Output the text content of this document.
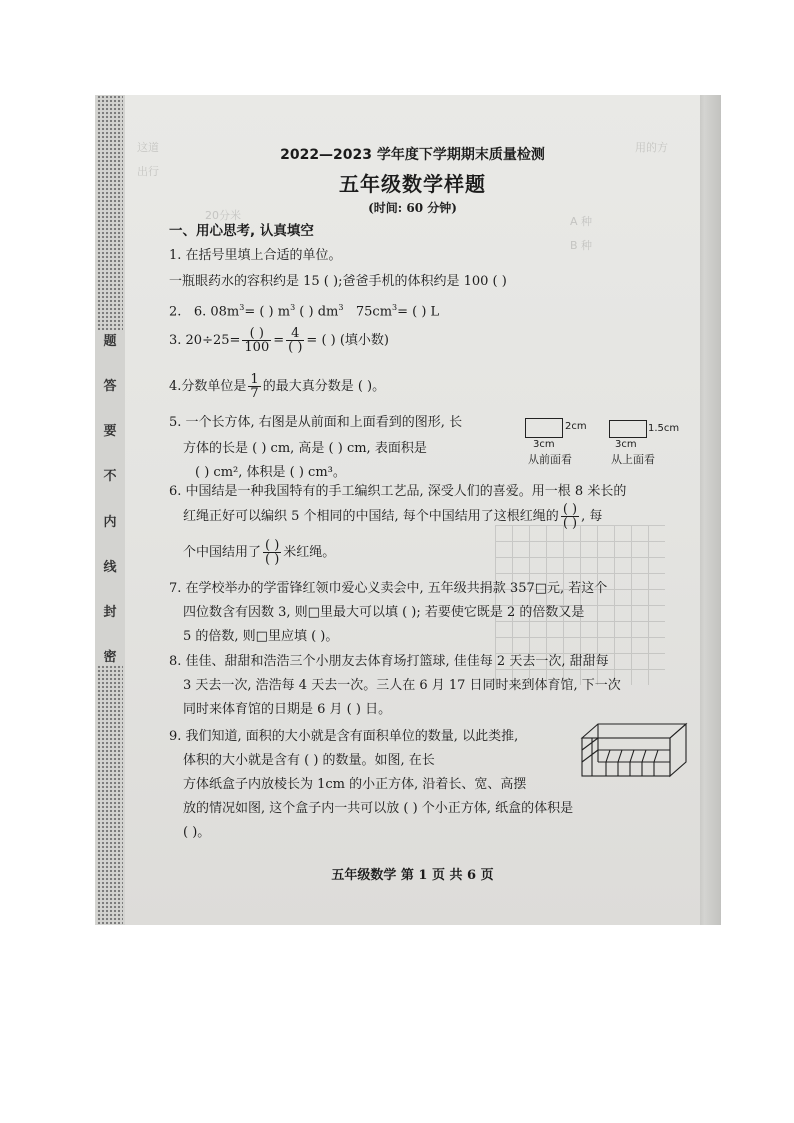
题
答
要
不
内
线
封
密
这道
出行
用的方
A 种
B 种
20分米
2022—2023 学年度下学期期末质量检测
五年级数学样题
(时间: 60 分钟)
一、用心思考, 认真填空
1. 在括号里填上合适的单位。
一瓶眼药水的容积约是 15 ( );爸爸手机的体积约是 100 ( )
2. 6. $08m^3=$ ( ) $m^3$ ( ) $dm^3$ $75cm^3=$ ( ) L
3. $20\div 25= \frac{( )}{100} = \frac{4}{( )}$ = ( ) (填小数)
4.分数单位是 $\frac{1}{7}$ 的最大真分数是 ( )。
5. 一个长方体, 右图是从前面和上面看到的图形, 长
方体的长是 ( ) cm, 高是 ( ) cm, 表面积是
( ) cm², 体积是 ( ) cm³。
2cm
3cm
从前面看
1.5cm
3cm
从上面看
6. 中国结是一种我国特有的手工编织工艺品, 深受人们的喜爱。用一根 8 米长的
红绳正好可以编织 5 个相同的中国结, 每个中国结用了这根红绳的 $\frac{( )}{( )}$ , 每
个中国结用了 $\frac{( )}{( )}$ 米红绳。
7. 在学校举办的学雷锋红领巾爱心义卖会中, 五年级共捐款 357□元, 若这个
四位数含有因数 3, 则□里最大可以填 ( ); 若要使它既是 2 的倍数又是
5 的倍数, 则□里应填 ( )。
8. 佳佳、甜甜和浩浩三个小朋友去体育场打篮球, 佳佳每 2 天去一次, 甜甜每
3 天去一次, 浩浩每 4 天去一次。三人在 6 月 17 日同时来到体育馆, 下一次
同时来体育馆的日期是 6 月 ( ) 日。
9. 我们知道, 面积的大小就是含有面积单位的数量, 以此类推,
体积的大小就是含有 ( ) 的数量。如图, 在长
方体纸盒子内放棱长为 1cm 的小正方体, 沿着长、宽、高摆
放的情况如图, 这个盒子内一共可以放 ( ) 个小正方体, 纸盒的体积是
( )。
五年级数学 第 1 页 共 6 页
